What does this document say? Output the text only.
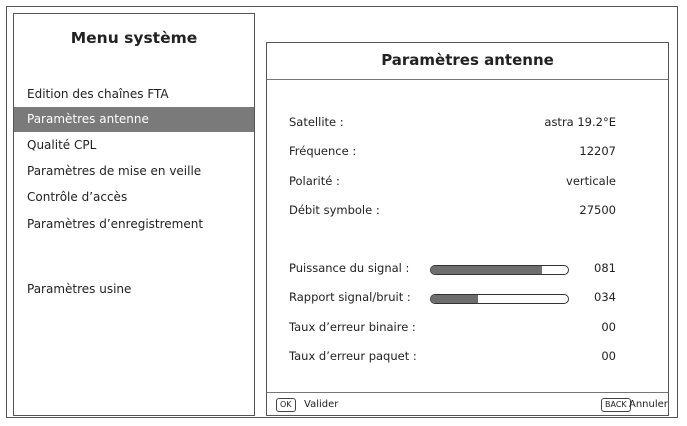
Menu système
Edition des chaînes FTA
Paramètres antenne
Qualité CPL
Paramètres de mise en veille
Contrôle d’accès
Paramètres d’enregistrement
Paramètres usine
Paramètres antenne
Satellite :	astra 19.2°E
Fréquence :	12207
Polarité :	verticale
Débit symbole :	27500
Puissance du signal :	081
Rapport signal/bruit :	034
Taux d’erreur binaire :	00
Taux d’erreur paquet :	00
OK	Valider	BACK Annuler
